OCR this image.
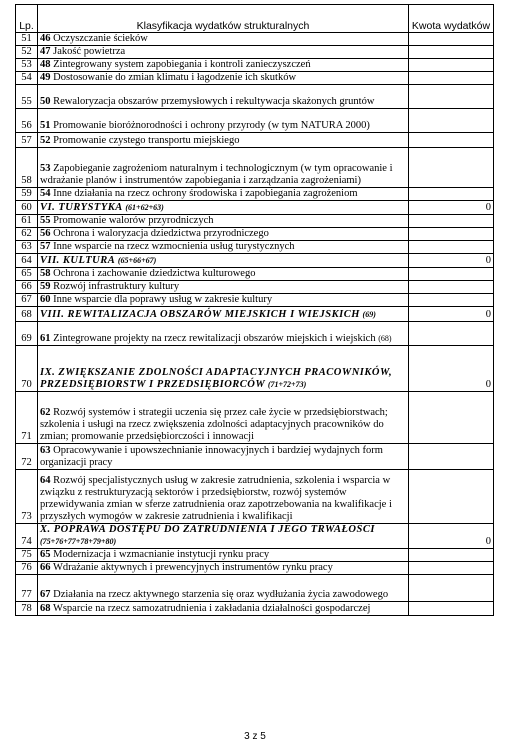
Lp.	Klasyfikacja wydatków strukturalnych	Kwota wydatków
51	46 Oczyszczanie ścieków	
52	47 Jakość powietrza	
53	48 Zintegrowany system zapobiegania i kontroli zanieczyszczeń	
54	49 Dostosowanie do zmian klimatu i łagodzenie ich skutków	
55	50 Rewaloryzacja obszarów przemysłowych i rekultywacja skażonych gruntów	
56	51 Promowanie bioróżnorodności i ochrony przyrody (w tym NATURA 2000)	
57	52 Promowanie czystego transportu miejskiego	
58	53 Zapobieganie zagrożeniom naturalnym i technologicznym (w tym opracowanie i wdrażanie planów i instrumentów zapobiegania i zarządzania zagrożeniami)	
59	54 Inne działania na rzecz ochrony środowiska i zapobiegania zagrożeniom	
60	VI. TURYSTYKA (61+62+63)	0
61	55 Promowanie walorów przyrodniczych	
62	56 Ochrona i waloryzacja dziedzictwa przyrodniczego	
63	57 Inne wsparcie na rzecz wzmocnienia usług turystycznych	
64	VII. KULTURA (65+66+67)	0
65	58 Ochrona i zachowanie dziedzictwa kulturowego	
66	59 Rozwój infrastruktury kultury	
67	60 Inne wsparcie dla poprawy usług w zakresie kultury	
68	VIII. REWITALIZACJA OBSZARÓW MIEJSKICH I WIEJSKICH (69)	0
69	61 Zintegrowane projekty na rzecz rewitalizacji obszarów miejskich i wiejskich (68)	
70	IX. ZWIĘKSZANIE ZDOLNOŚCI ADAPTACYJNYCH PRACOWNIKÓW, PRZEDSIĘBIORSTW I PRZEDSIĘBIORCÓW (71+72+73)	0
71	62 Rozwój systemów i strategii uczenia się przez całe życie w przedsiębiorstwach; szkolenia i usługi na rzecz zwiększenia zdolności adaptacyjnych pracowników do zmian; promowanie przedsiębiorczości i innowacji	
72	63 Opracowywanie i upowszechnianie innowacyjnych i bardziej wydajnych form organizacji pracy	
73	64 Rozwój specjalistycznych usług w zakresie zatrudnienia, szkolenia i wsparcia w związku z restrukturyzacją sektorów i przedsiębiorstw, rozwój systemów przewidywania zmian w sferze zatrudnienia oraz zapotrzebowania na kwalifikacje i przyszłych wymogów w zakresie zatrudnienia i kwalifikacji	
74	X. POPRAWA DOSTĘPU DO ZATRUDNIENIA I JEGO TRWAŁOŚCI (75+76+77+78+79+80)	0
75	65 Modernizacja i wzmacnianie instytucji rynku pracy	
76	66 Wdrażanie aktywnych i prewencyjnych instrumentów rynku pracy	
77	67 Działania na rzecz aktywnego starzenia się oraz wydłużania życia zawodowego	
78	68 Wsparcie na rzecz samozatrudnienia i zakładania działalności gospodarczej	
3 z 5
